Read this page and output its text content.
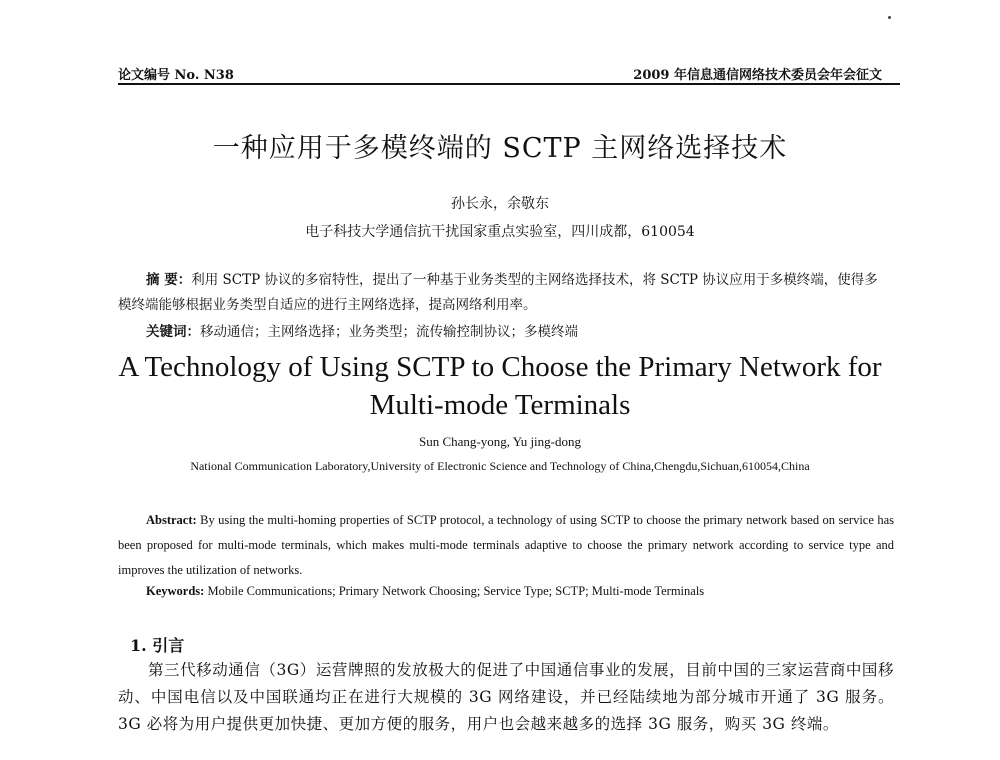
论文编号 No. N38	2009 年信息通信网络技术委员会年会征文
一种应用于多模终端的 SCTP 主网络选择技术
孙长永，余敬东
电子科技大学通信抗干扰国家重点实验室，四川成都，610054
摘 要：利用 SCTP 协议的多宿特性，提出了一种基于业务类型的主网络选择技术，将 SCTP 协议应用于多模终端，使得多模终端能够根据业务类型自适应的进行主网络选择，提高网络利用率。
关键词：移动通信；主网络选择；业务类型；流传输控制协议；多模终端
A Technology of Using SCTP to Choose the Primary Network for Multi-mode Terminals
Sun Chang-yong, Yu jing-dong
National Communication Laboratory,University of Electronic Science and Technology of China,Chengdu,Sichuan,610054,China
Abstract: By using the multi-homing properties of SCTP protocol, a technology of using SCTP to choose the primary network based on service has been proposed for multi-mode terminals, which makes multi-mode terminals adaptive to choose the primary network according to service type and improves the utilization of networks.
Keywords: Mobile Communications; Primary Network Choosing; Service Type; SCTP; Multi-mode Terminals
1. 引言
第三代移动通信（3G）运营牌照的发放极大的促进了中国通信事业的发展，目前中国的三家运营商中国移动、中国电信以及中国联通均正在进行大规模的 3G 网络建设，并已经陆续地为部分城市开通了 3G 服务。3G 必将为用户提供更加快捷、更加方便的服务，用户也会越来越多的选择 3G 服务，购买 3G 终端。
